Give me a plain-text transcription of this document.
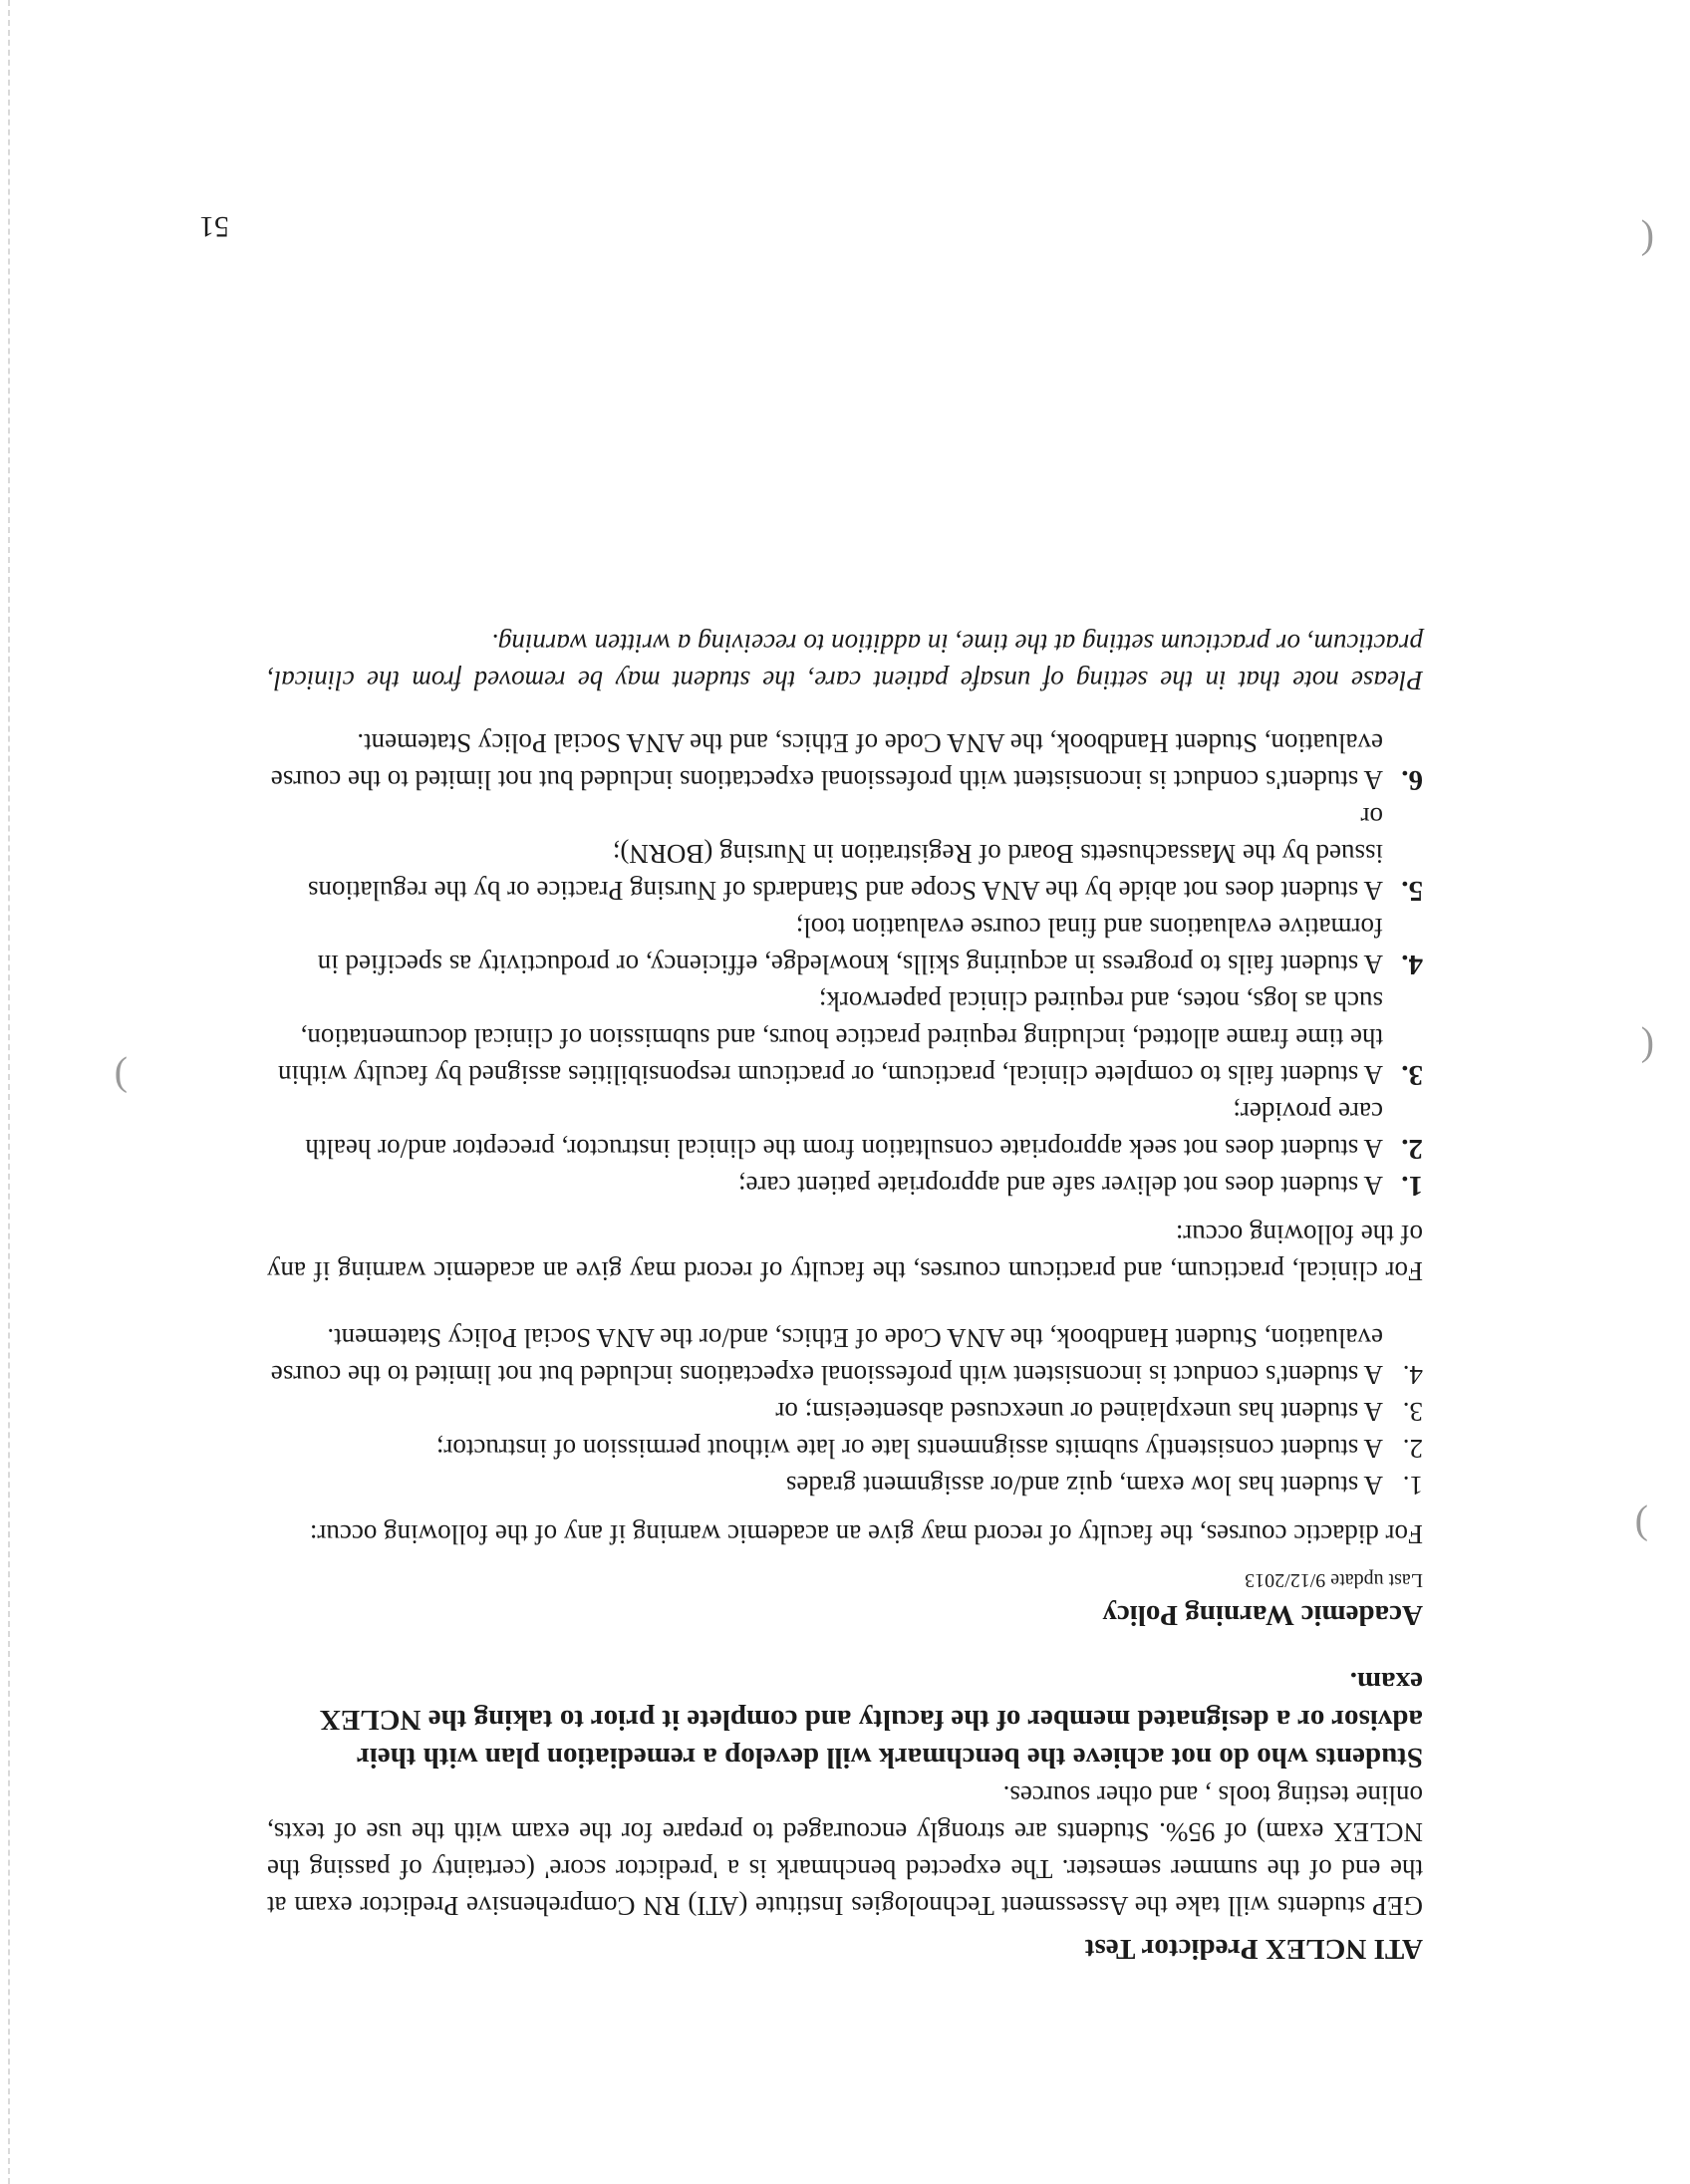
)
(
)
(
ATI NCLEX Predictor Test

GEP students will take the Assessment Technologies Institute (ATI) RN Comprehensive Predictor exam at the end of the summer semester. The expected benchmark is a 'predictor score' (certainty of passing the NCLEX exam) of 95%. Students are strongly encouraged to prepare for the exam with the use of texts, online testing tools , and other sources.

Students who do not achieve the benchmark will develop a remediation plan with their advisor or a designated member of the faculty and complete it prior to taking the NCLEX exam.

Academic Warning Policy
Last update 9/12/2013

For didactic courses, the faculty of record may give an academic warning if any of the following occur:

1.
A student has low exam, quiz and/or assignment grades
2.
A student consistently submits assignments late or late without permission of instructor;
3.
A student has unexplained or unexcused absenteeism; or
4.
A student's conduct is inconsistent with professional expectations included but not limited to the course evaluation, Student Handbook, the ANA Code of Ethics, and/or the ANA Social Policy Statement.

For clinical, practicum, and practicum courses, the faculty of record may give an academic warning if any of the following occur:

1.
A student does not deliver safe and appropriate patient care;
2.
A student does not seek appropriate consultation from the clinical instructor, preceptor and/or health care provider;
3.
A student fails to complete clinical, practicum, or practicum responsibilities assigned by faculty within the time frame allotted, including required practice hours, and submission of clinical documentation, such as logs, notes, and required clinical paperwork;
4.
A student fails to progress in acquiring skills, knowledge, efficiency, or productivity as specified in formative evaluations and final course evaluation tool;
5.
A student does not abide by the ANA Scope and Standards of Nursing Practice or by the regulations issued by the Massachusetts Board of Registration in Nursing (BORN);
or
6.
A student's conduct is inconsistent with professional expectations included but not limited to the course evaluation, Student Handbook, the ANA Code of Ethics, and the ANA Social Policy Statement.

Please note that in the setting of unsafe patient care, the student may be removed from the clinical, practicum, or practicum setting at the time, in addition to receiving a written warning.

51
